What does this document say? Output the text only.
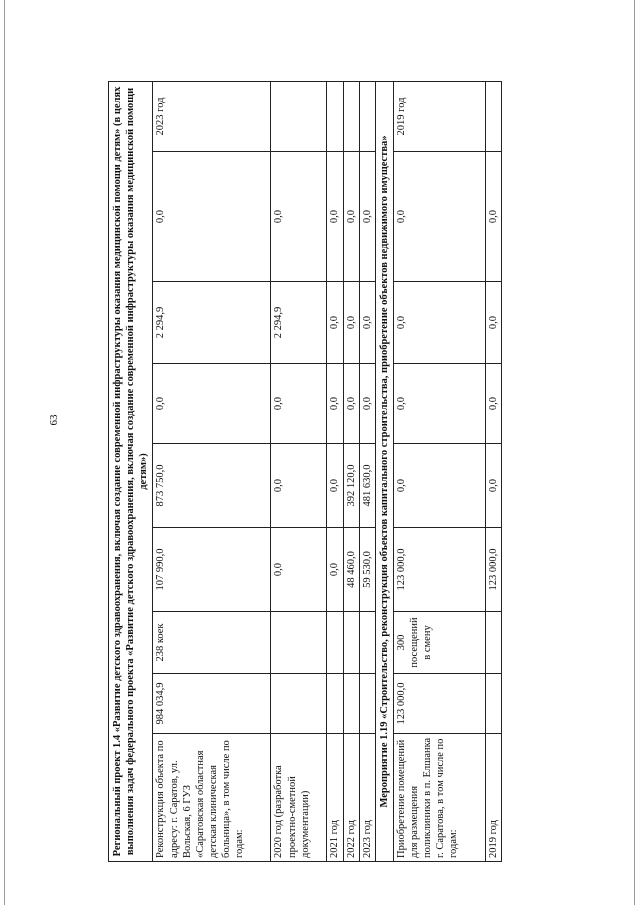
63	Региональный проект 1.4 «Развитие детского здравоохранения, включая создание современной инфраструктуры оказания медицинской помощи детям» (в целях выполнения задач федерального проекта «Развитие детского здравоохранения, включая создание современной инфраструктуры оказания медицинской помощи детям»)								
Реконструкция объекта по адресу: г. Саратов, ул. Вольская, 6 ГУЗ «Саратовская областная детская клиническая больница», в том числе по годам:	984 034,9	238 коек	107 990,0	873 750,0	0,0	2 294,9	0,0	2023 год
2020 год (разработка проектно-сметной документации)			0,0	0,0	0,0	2 294,9	0,0	
2021 год			0,0	0,0	0,0	0,0	0,0	
2022 год			48 460,0	392 120,0	0,0	0,0	0,0	
2023 год			59 530,0	481 630,0	0,0	0,0	0,0	
Мероприятие 1.19 «Строительство, реконструкция объектов капитального строительства, приобретение объектов недвижимого имущества»								
Приобретение помещений для размещения поликлиники в п. Елшанка г. Саратова, в том числе по годам:	123 000,0	300 посещений в смену	123 000,0	0,0	0,0	0,0	0,0	2019 год
2019 год			123 000,0	0,0	0,0	0,0	0,0	
